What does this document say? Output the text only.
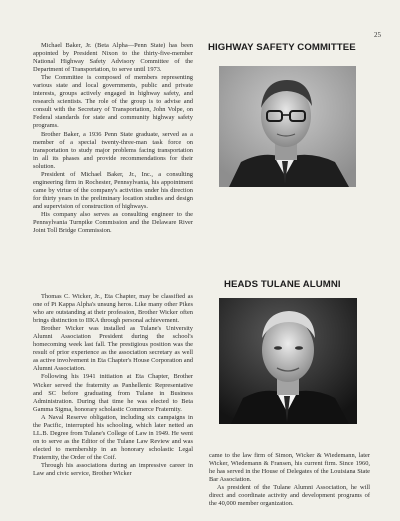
25

Michael Baker, Jr. (Beta Alpha—Penn State) has been appointed by President Nixon to the thirty-five-member National Highway Safety Advisory Committee of the Department of Transportation, to serve until 1973.

The Committee is composed of members representing various state and local governments, public and private interests, groups actively engaged in highway safety, and research scientists. The role of the group is to advise and consult with the Secretary of Transportation, John Volpe, on Federal standards for state and community highway safety programs.

Brother Baker, a 1936 Penn State graduate, served as a member of a special twenty-three-man task force on transportation to study major problems facing transportation in all its phases and provide recommendations for their solution.

President of Michael Baker, Jr., Inc., a consulting engineering firm in Rochester, Pennsylvania, his appointment came by virtue of the company's activities under his direction for thirty years in the preliminary location studies and design and supervision of construction of highways.

His company also serves as consulting engineer to the Pennsylvania Turnpike Commission and the Delaware River Joint Toll Bridge Commission.

HIGHWAY SAFETY COMMITTEE

Thomas C. Wicker, Jr., Eta Chapter, may be classified as one of Pi Kappa Alpha's unsung heros. Like many other Pikes who are outstanding at their profession, Brother Wicker often brings distinction to IIKA through personal achievement.

Brother Wicker was installed as Tulane's University Alumni Association President during the school's homecoming week last fall. The prestigious position was the result of prior experience as the association secretary as well as active involvement in Eta Chapter's House Corporation and Alumni Association.

Following his 1941 initiation at Eta Chapter, Brother Wicker served the fraternity as Panhellenic Representative and SC before graduating from Tulane in Business Administration. During that time he was elected to Beta Gamma Sigma, honorary scholastic Commerce Fraternity.

A Naval Reserve obligation, including six campaigns in the Pacific, interrupted his schooling, which later netted an LL.B. Degree from Tulane's College of Law in 1949. He went on to serve as the Editor of the Tulane Law Review and was elected to membership in an honorary scholastic Legal Fraternity, the Order of the Coif.

Through his associations during an impressive career in Law and civic service, Brother Wicker

HEADS TULANE ALUMNI

came to the law firm of Simon, Wicker & Wiedemann, later Wicker, Wiedemann & Fransen, his current firm. Since 1960, he has served in the House of Delegates of the Louisiana State Bar Association.

As president of the Tulane Alumni Association, he will direct and coordinate activity and development programs of the 40,000 member organization.
